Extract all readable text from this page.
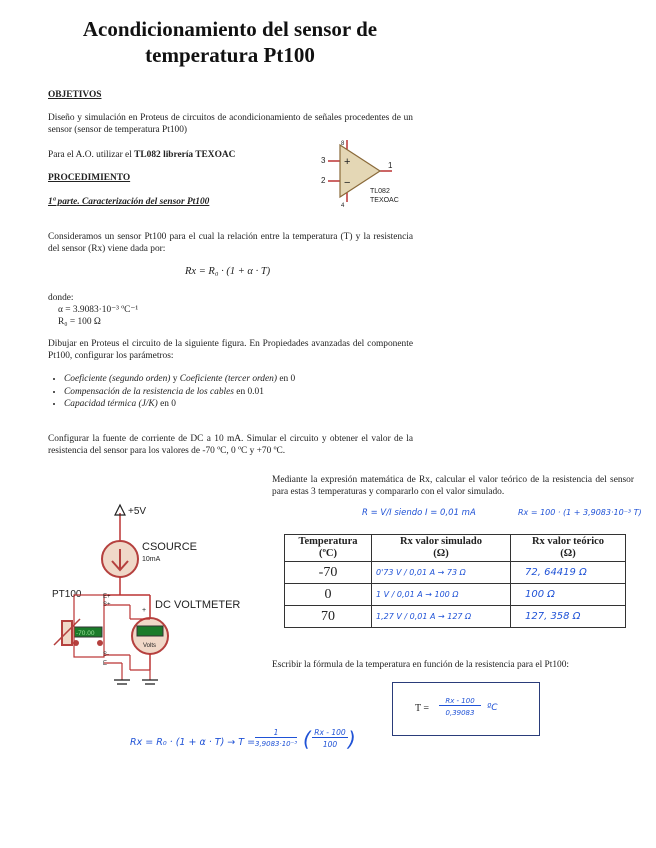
Acondicionamiento del sensor de temperatura Pt100
OBJETIVOS
Diseño y simulación en Proteus de circuitos de acondicionamiento de señales procedentes de un sensor (sensor de temperatura Pt100)
Para el A.O. utilizar el TL082 librería TEXOAC
PROCEDIMIENTO
1ª parte. Caracterización del sensor Pt100
+
−
3
2
1
8
4
TL082
TEXOAC
Consideramos un sensor Pt100 para el cual la relación entre la temperatura (T) y la resistencia del sensor (Rx) viene dada por:
Rx = R₀ · (1 + α · T)
donde:
α = 3.9083·10⁻³ ºC⁻¹
R₀ = 100 Ω
Dibujar en Proteus el circuito de la siguiente figura. En Propiedades avanzadas del componente Pt100, configurar los parámetros:
• Coeficiente (segundo orden) y Coeficiente (tercer orden) en 0
• Compensación de la resistencia de los cables en 0.01
• Capacidad térmica (J/K) en 0
Configurar la fuente de corriente de DC a 10 mA. Simular el circuito y obtener el valor de la resistencia del sensor para los valores de -70 ºC, 0 ºC y +70 ºC.
+5V
CSOURCE
10mA
PT100
-70.00
E+
S+
S-
E-
DC VOLTMETER
+
Volts
Mediante la expresión matemática de Rx, calcular el valor teórico de la resistencia del sensor para estas 3 temperaturas y compararlo con el valor simulado.
R = V/I siendo I = 0,01 mA	Rx = 100 · (1 + 3,9083·10⁻³ T)
Temperatura
(ºC)	Rx valor simulado
(Ω)	Rx valor teórico
(Ω)
-70	0'73 V / 0,01 A → 73 Ω	72, 64419 Ω
0	1 V / 0,01 A → 100 Ω	100 Ω
70	1,27 V / 0,01 A → 127 Ω	127, 358 Ω
Escribir la fórmula de la temperatura en función de la resistencia para el Pt100:
T =
Rx - 100
0,39083	ºC
Rx = R₀ · (1 + α · T) → T =
1
3,9083·10⁻³ ( Rx - 100
100 )
